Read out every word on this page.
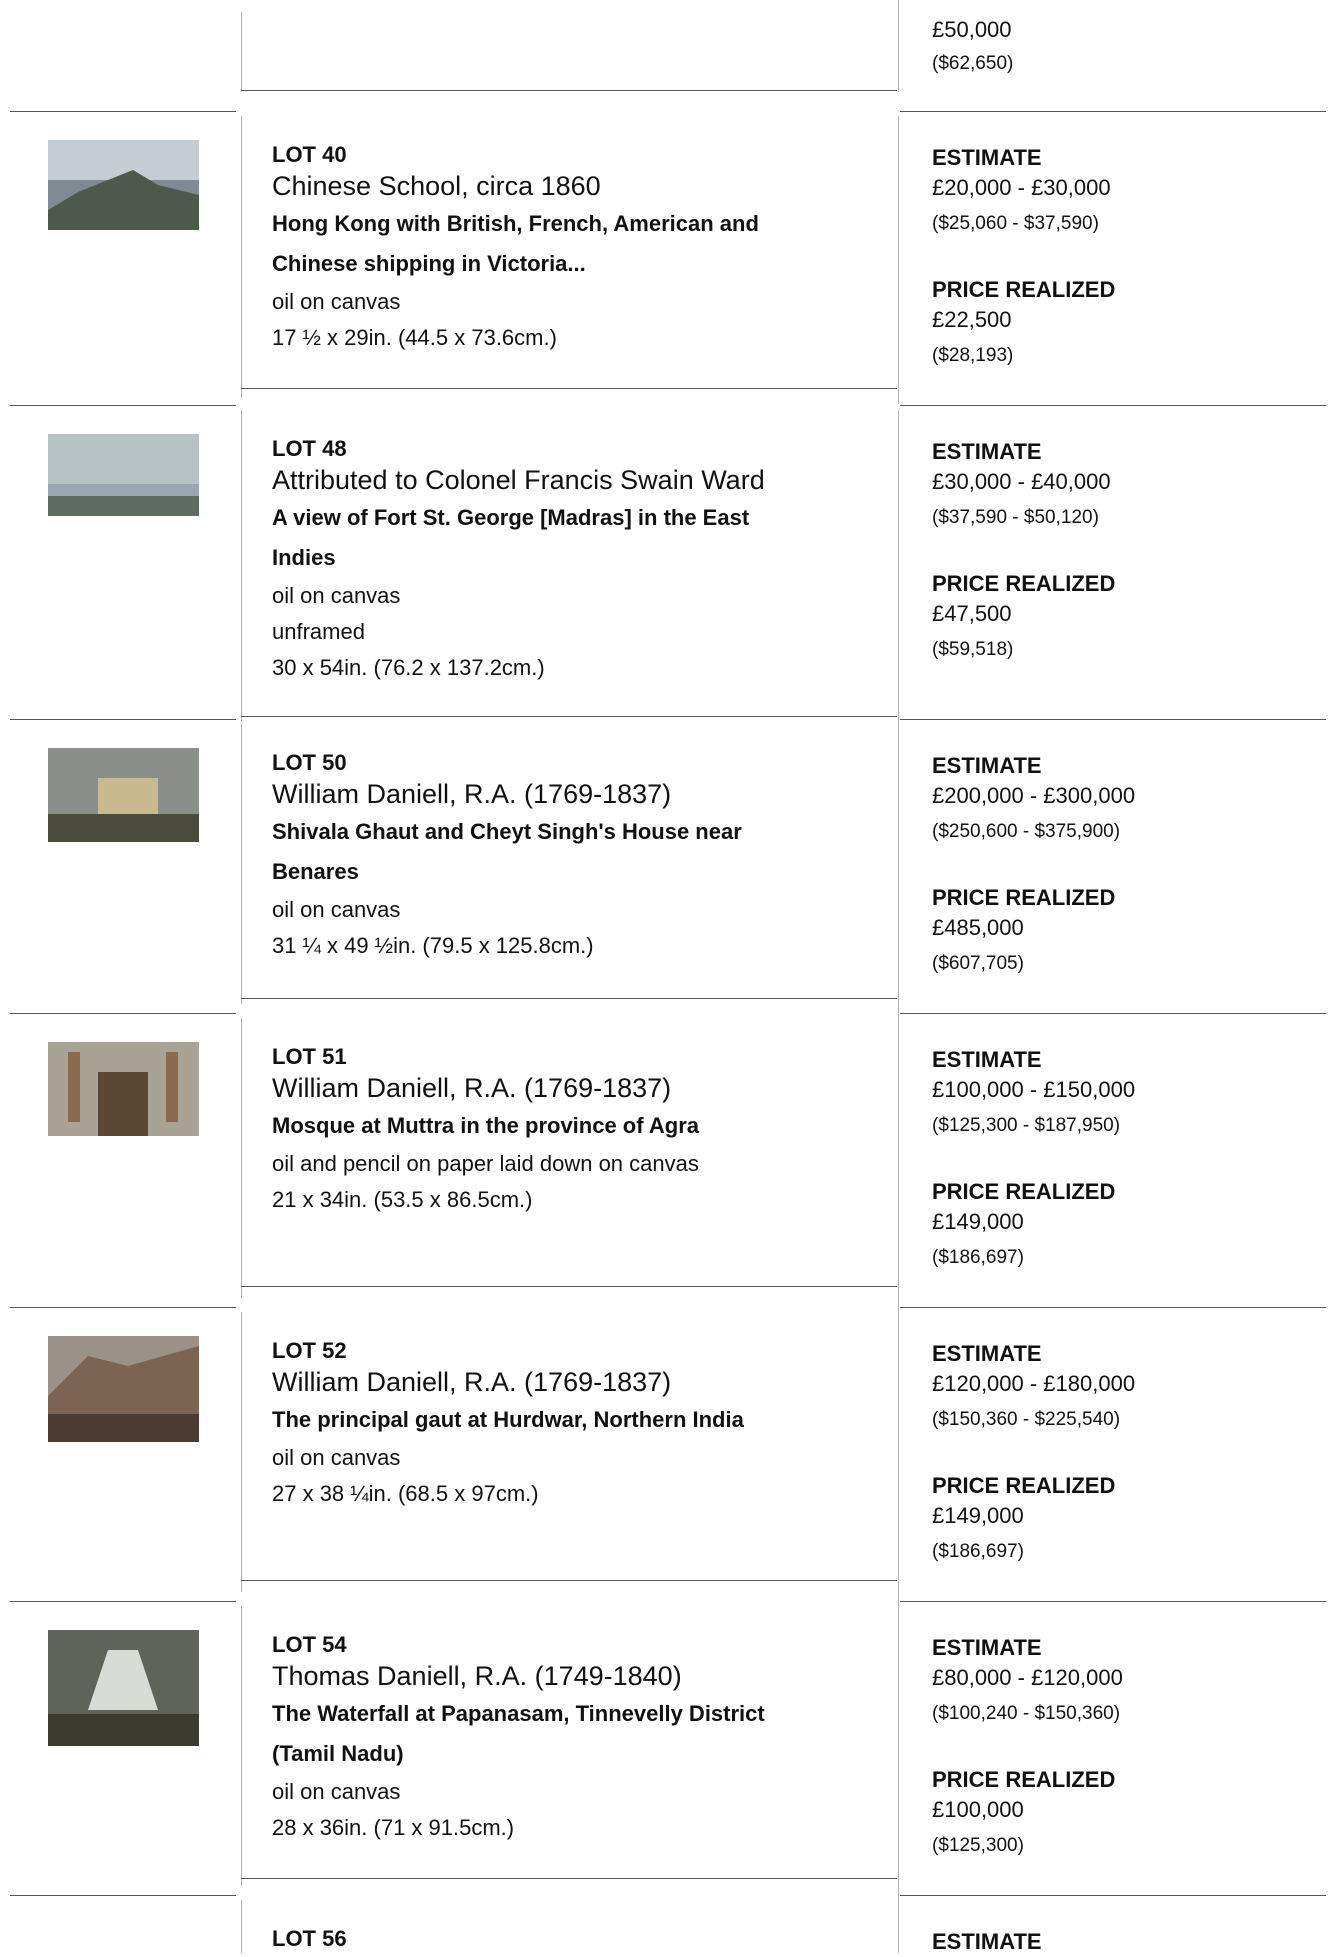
£50,000

($62,650)

LOT 40

Chinese School, circa 1860

Hong Kong with British, French, American and

Chinese shipping in Victoria...

oil on canvas

17 ½ x 29in. (44.5 x 73.6cm.)

ESTIMATE

£20,000 - £30,000

($25,060 - $37,590)

PRICE REALIZED

£22,500

($28,193)

LOT 48

Attributed to Colonel Francis Swain Ward

A view of Fort St. George [Madras] in the East

Indies

oil on canvas

unframed

30 x 54in. (76.2 x 137.2cm.)

ESTIMATE

£30,000 - £40,000

($37,590 - $50,120)

PRICE REALIZED

£47,500

($59,518)

LOT 50

William Daniell, R.A. (1769-1837)

Shivala Ghaut and Cheyt Singh's House near

Benares

oil on canvas

31 ¼ x 49 ½in. (79.5 x 125.8cm.)

ESTIMATE

£200,000 - £300,000

($250,600 - $375,900)

PRICE REALIZED

£485,000

($607,705)

LOT 51

William Daniell, R.A. (1769-1837)

Mosque at Muttra in the province of Agra

oil and pencil on paper laid down on canvas

21 x 34in. (53.5 x 86.5cm.)

ESTIMATE

£100,000 - £150,000

($125,300 - $187,950)

PRICE REALIZED

£149,000

($186,697)

LOT 52

William Daniell, R.A. (1769-1837)

The principal gaut at Hurdwar, Northern India

oil on canvas

27 x 38 ¼in. (68.5 x 97cm.)

ESTIMATE

£120,000 - £180,000

($150,360 - $225,540)

PRICE REALIZED

£149,000

($186,697)

LOT 54

Thomas Daniell, R.A. (1749-1840)

The Waterfall at Papanasam, Tinnevelly District

(Tamil Nadu)

oil on canvas

28 x 36in. (71 x 91.5cm.)

ESTIMATE

£80,000 - £120,000

($100,240 - $150,360)

PRICE REALIZED

£100,000

($125,300)

LOT 56	ESTIMATE
